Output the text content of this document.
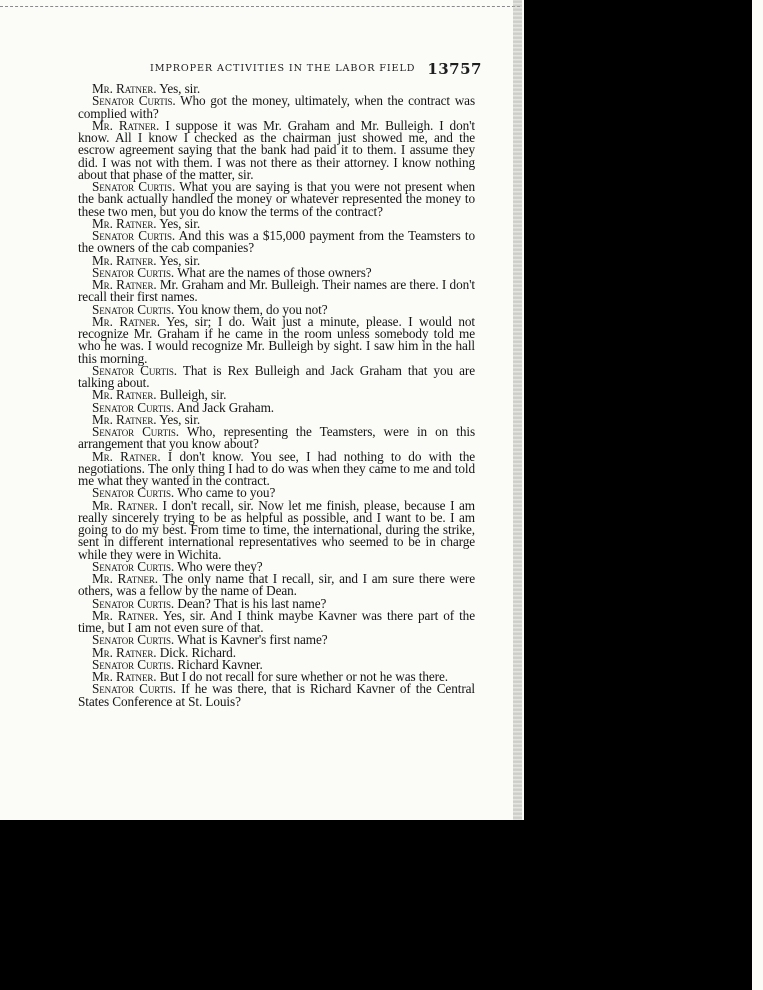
IMPROPER ACTIVITIES IN THE LABOR FIELD 13757

Mr. Ratner. Yes, sir.

Senator Curtis. Who got the money, ultimately, when the contract was complied with?

Mr. Ratner. I suppose it was Mr. Graham and Mr. Bulleigh. I don't know. All I know I checked as the chairman just showed me, and the escrow agreement saying that the bank had paid it to them. I assume they did. I was not with them. I was not there as their attorney. I know nothing about that phase of the matter, sir.

Senator Curtis. What you are saying is that you were not present when the bank actually handled the money or whatever represented the money to these two men, but you do know the terms of the contract?

Mr. Ratner. Yes, sir.

Senator Curtis. And this was a $15,000 payment from the Teamsters to the owners of the cab companies?

Mr. Ratner. Yes, sir.

Senator Curtis. What are the names of those owners?

Mr. Ratner. Mr. Graham and Mr. Bulleigh. Their names are there. I don't recall their first names.

Senator Curtis. You know them, do you not?

Mr. Ratner. Yes, sir; I do. Wait just a minute, please. I would not recognize Mr. Graham if he came in the room unless somebody told me who he was. I would recognize Mr. Bulleigh by sight. I saw him in the hall this morning.

Senator Curtis. That is Rex Bulleigh and Jack Graham that you are talking about.

Mr. Ratner. Bulleigh, sir.

Senator Curtis. And Jack Graham.

Mr. Ratner. Yes, sir.

Senator Curtis. Who, representing the Teamsters, were in on this arrangement that you know about?

Mr. Ratner. I don't know. You see, I had nothing to do with the negotiations. The only thing I had to do was when they came to me and told me what they wanted in the contract.

Senator Curtis. Who came to you?

Mr. Ratner. I don't recall, sir. Now let me finish, please, because I am really sincerely trying to be as helpful as possible, and I want to be. I am going to do my best. From time to time, the international, during the strike, sent in different international representatives who seemed to be in charge while they were in Wichita.

Senator Curtis. Who were they?

Mr. Ratner. The only name that I recall, sir, and I am sure there were others, was a fellow by the name of Dean.

Senator Curtis. Dean? That is his last name?

Mr. Ratner. Yes, sir. And I think maybe Kavner was there part of the time, but I am not even sure of that.

Senator Curtis. What is Kavner's first name?

Mr. Ratner. Dick. Richard.

Senator Curtis. Richard Kavner.

Mr. Ratner. But I do not recall for sure whether or not he was there.

Senator Curtis. If he was there, that is Richard Kavner of the Central States Conference at St. Louis?
